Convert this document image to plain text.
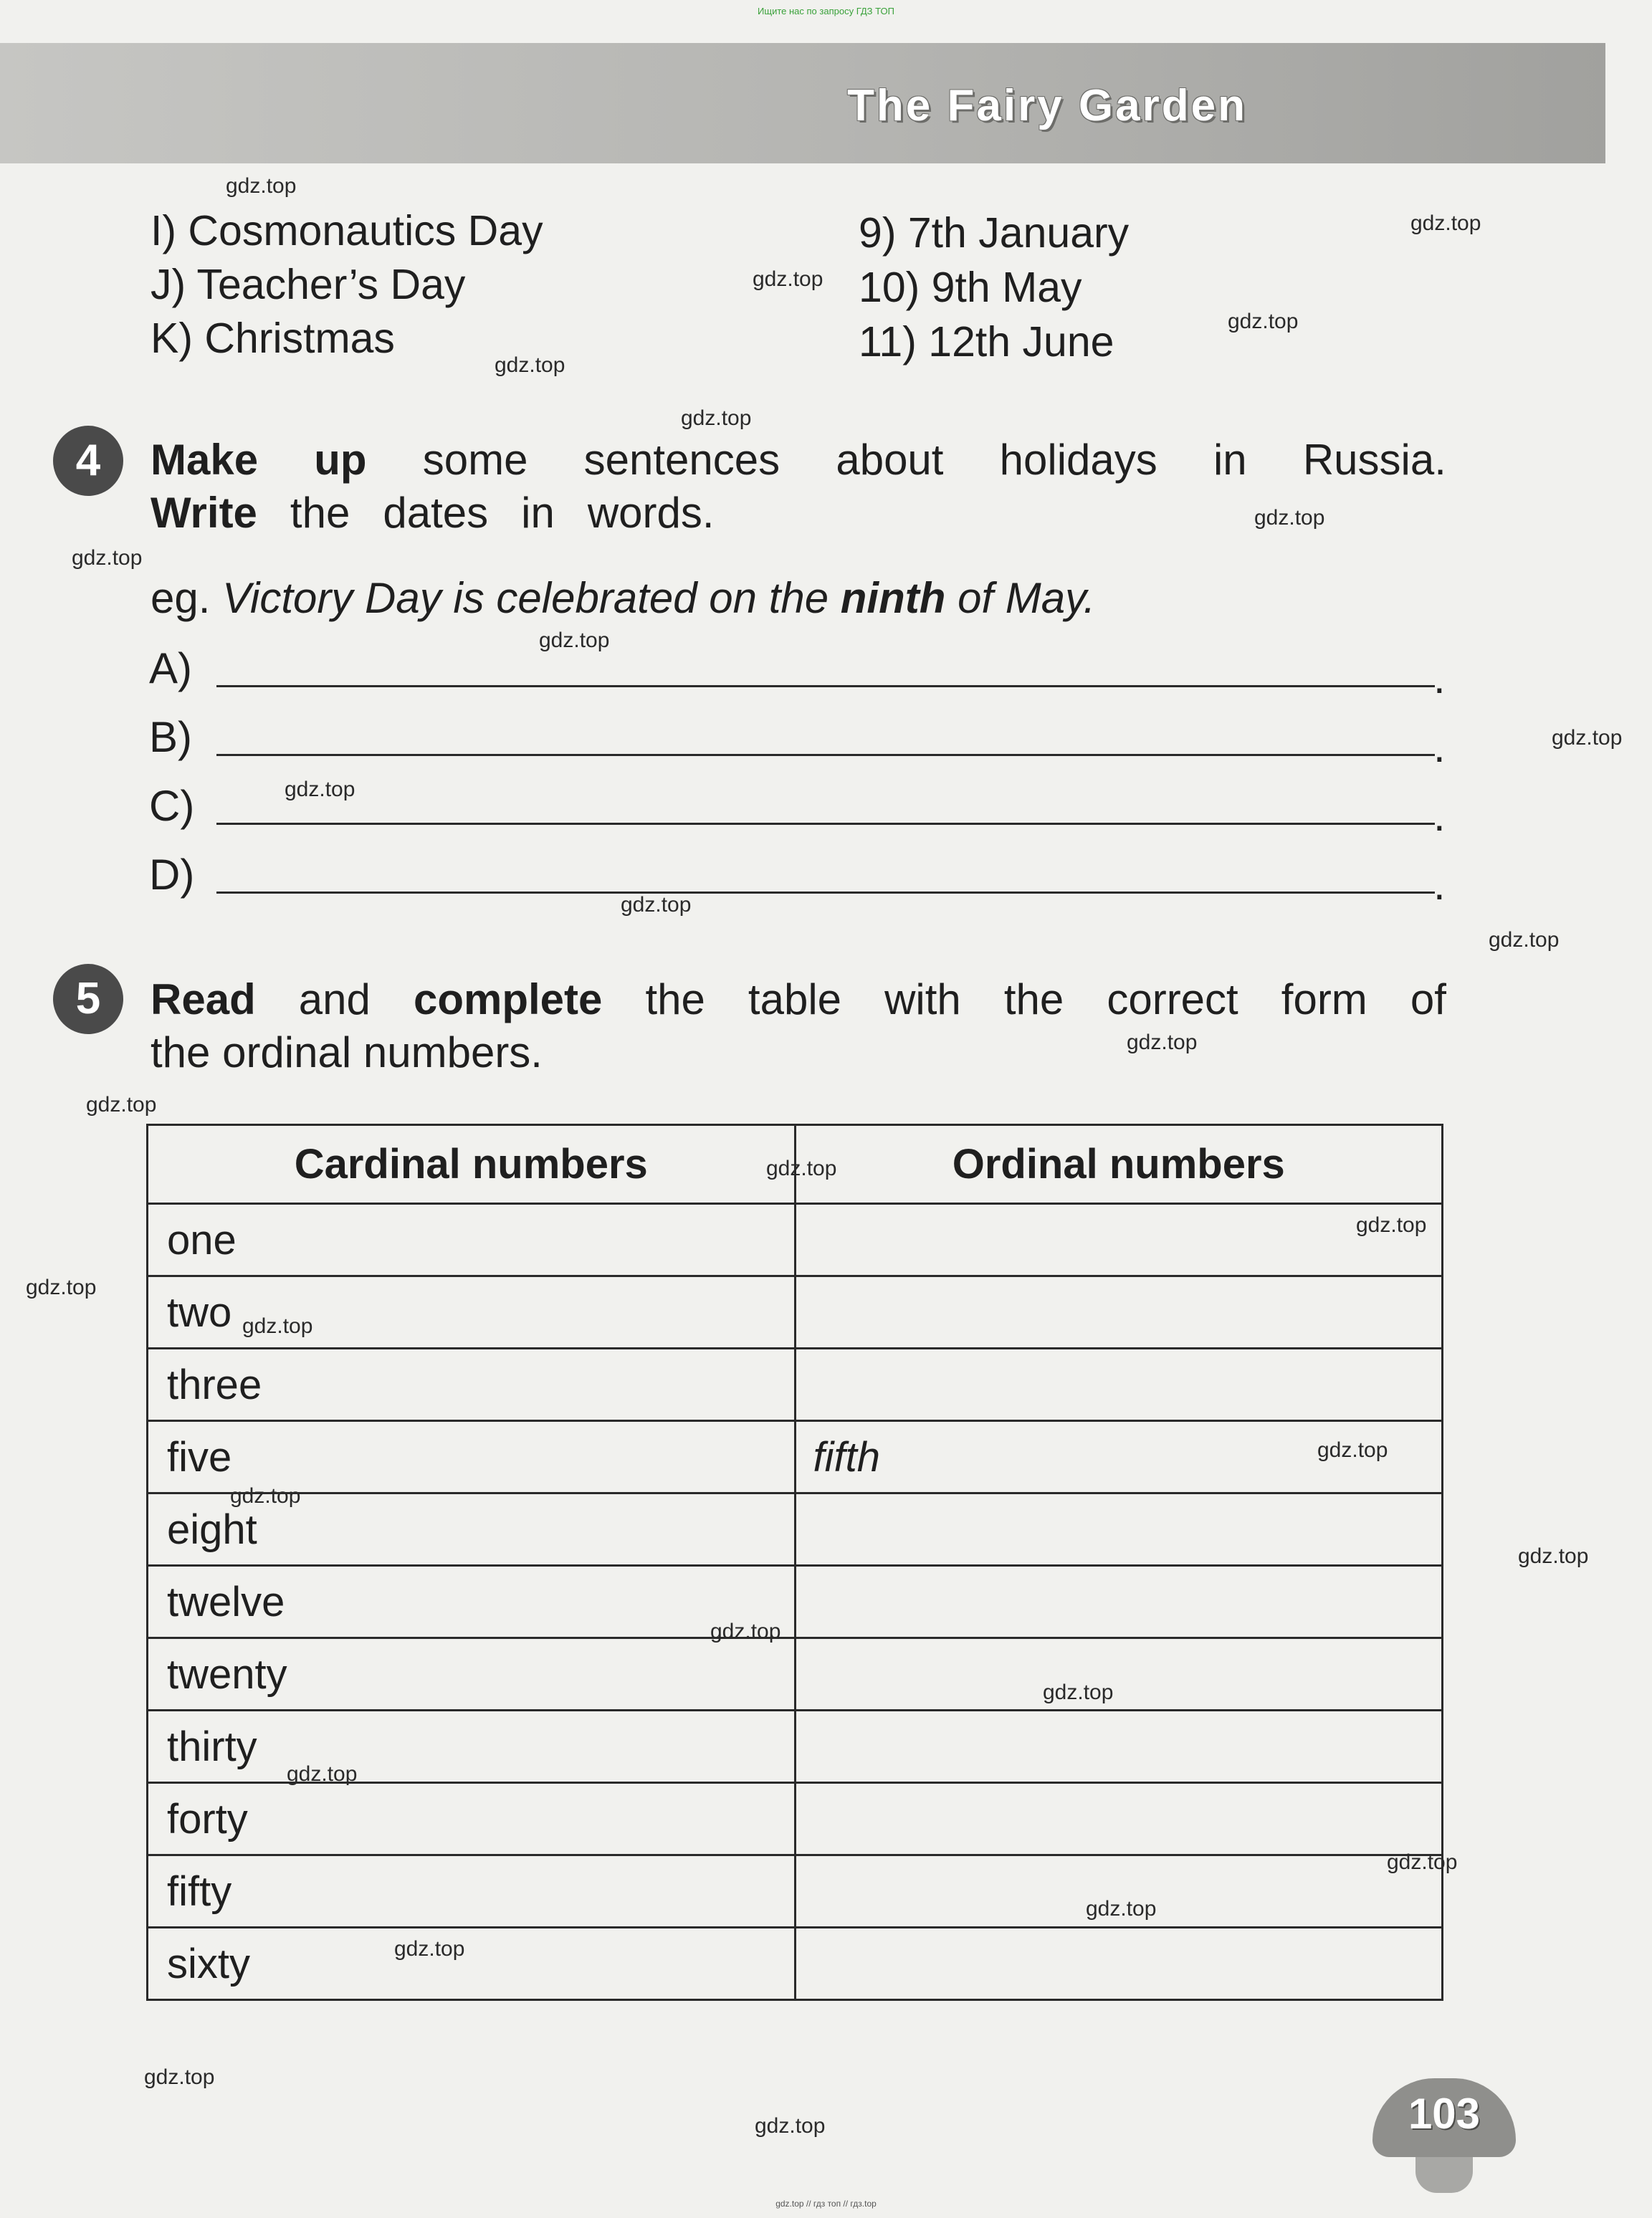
Ищите нас по запросу ГДЗ ТОП
The Fairy Garden
I) Cosmonautics Day
J) Teacher’s Day
K) Christmas
9) 7th January
10) 9th May
11) 12th June
4	Make up some sentences about holidays in Russia.
Write the dates in words.
eg. Victory Day is celebrated on the ninth of May.
A)	.
B)	.
C)	.
D)	.
5	Read and complete the table with the correct form of
the ordinal numbers.
Cardinal numbers	Ordinal numbers
one	
two	
three	
five	fifth
eight	
twelve	
twenty	
thirty	
forty	
fifty	
sixty	
gdz.top
gdz.top
gdz.top
gdz.top
gdz.top
gdz.top
gdz.top
gdz.top
gdz.top
gdz.top
gdz.top
gdz.top
gdz.top
gdz.top
gdz.top
gdz.top
gdz.top
gdz.top
gdz.top
gdz.top
gdz.top
gdz.top
gdz.top
gdz.top
gdz.top
gdz.top
gdz.top
gdz.top
gdz.top
gdz.top	103
gdz.top // гдз топ // гдз.top
